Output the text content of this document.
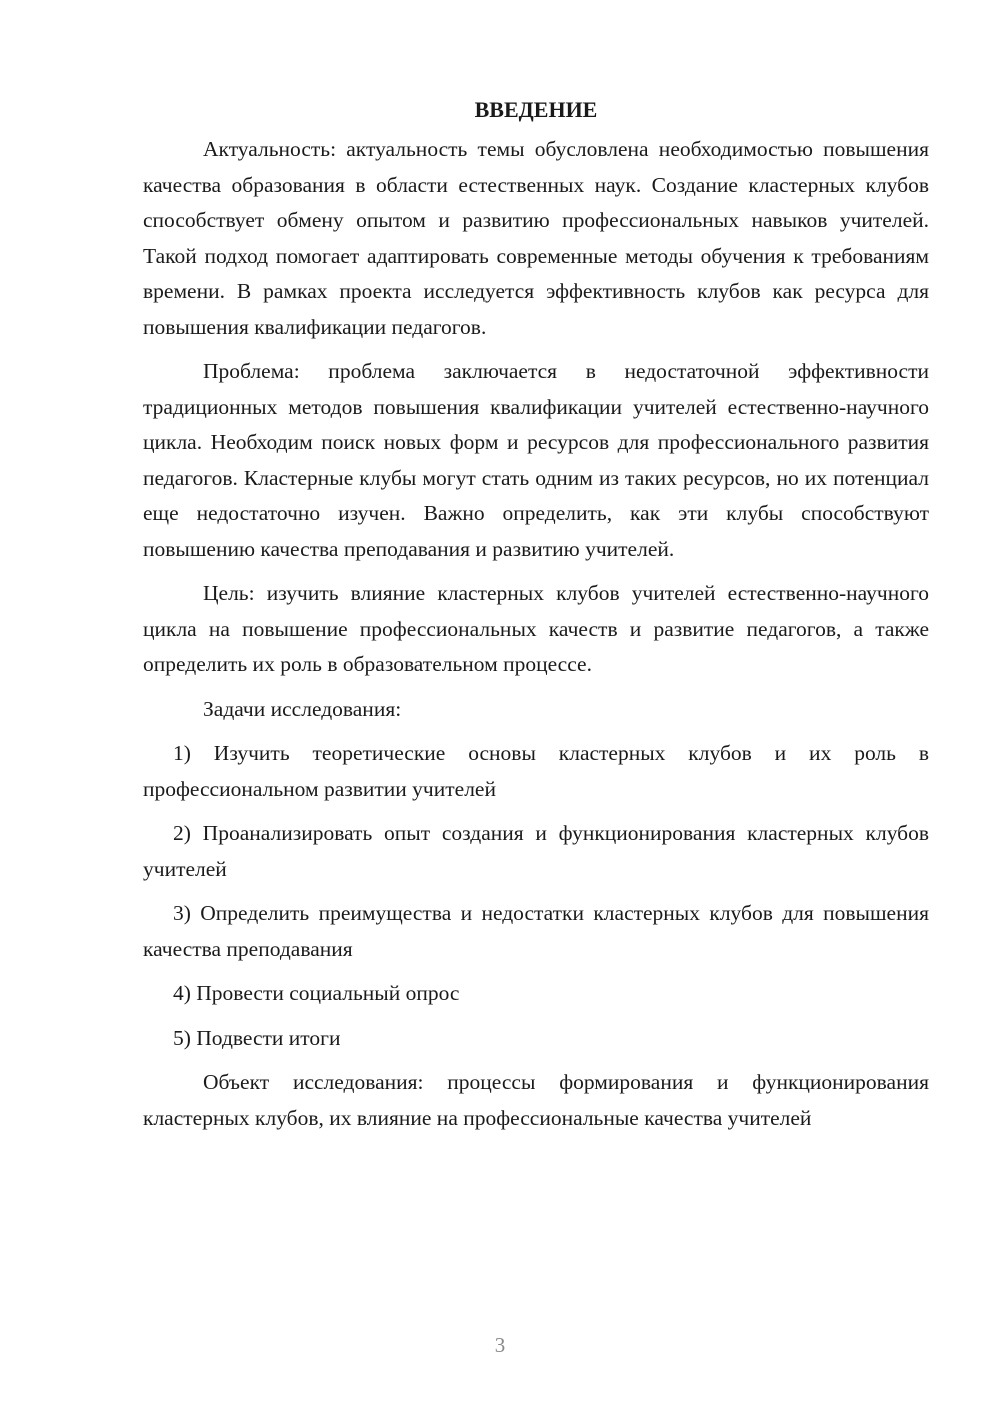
ВВЕДЕНИЕ

Актуальность: актуальность темы обусловлена необходимостью повышения качества образования в области естественных наук. Создание кластерных клубов способствует обмену опытом и развитию профессиональных навыков учителей. Такой подход помогает адаптировать современные методы обучения к требованиям времени. В рамках проекта исследуется эффективность клубов как ресурса для повышения квалификации педагогов.

Проблема: проблема заключается в недостаточной эффективности традиционных методов повышения квалификации учителей естественно-научного цикла. Необходим поиск новых форм и ресурсов для профессионального развития педагогов. Кластерные клубы могут стать одним из таких ресурсов, но их потенциал еще недостаточно изучен. Важно определить, как эти клубы способствуют повышению качества преподавания и развитию учителей.

Цель: изучить влияние кластерных клубов учителей естественно-научного цикла на повышение профессиональных качеств и развитие педагогов, а также определить их роль в образовательном процессе.

Задачи исследования:

1) Изучить теоретические основы кластерных клубов и их роль в профессиональном развитии учителей

2) Проанализировать опыт создания и функционирования кластерных клубов учителей

3) Определить преимущества и недостатки кластерных клубов для повышения качества преподавания

4) Провести социальный опрос

5) Подвести итоги

Объект исследования: процессы формирования и функционирования кластерных клубов, их влияние на профессиональные качества учителей

3
